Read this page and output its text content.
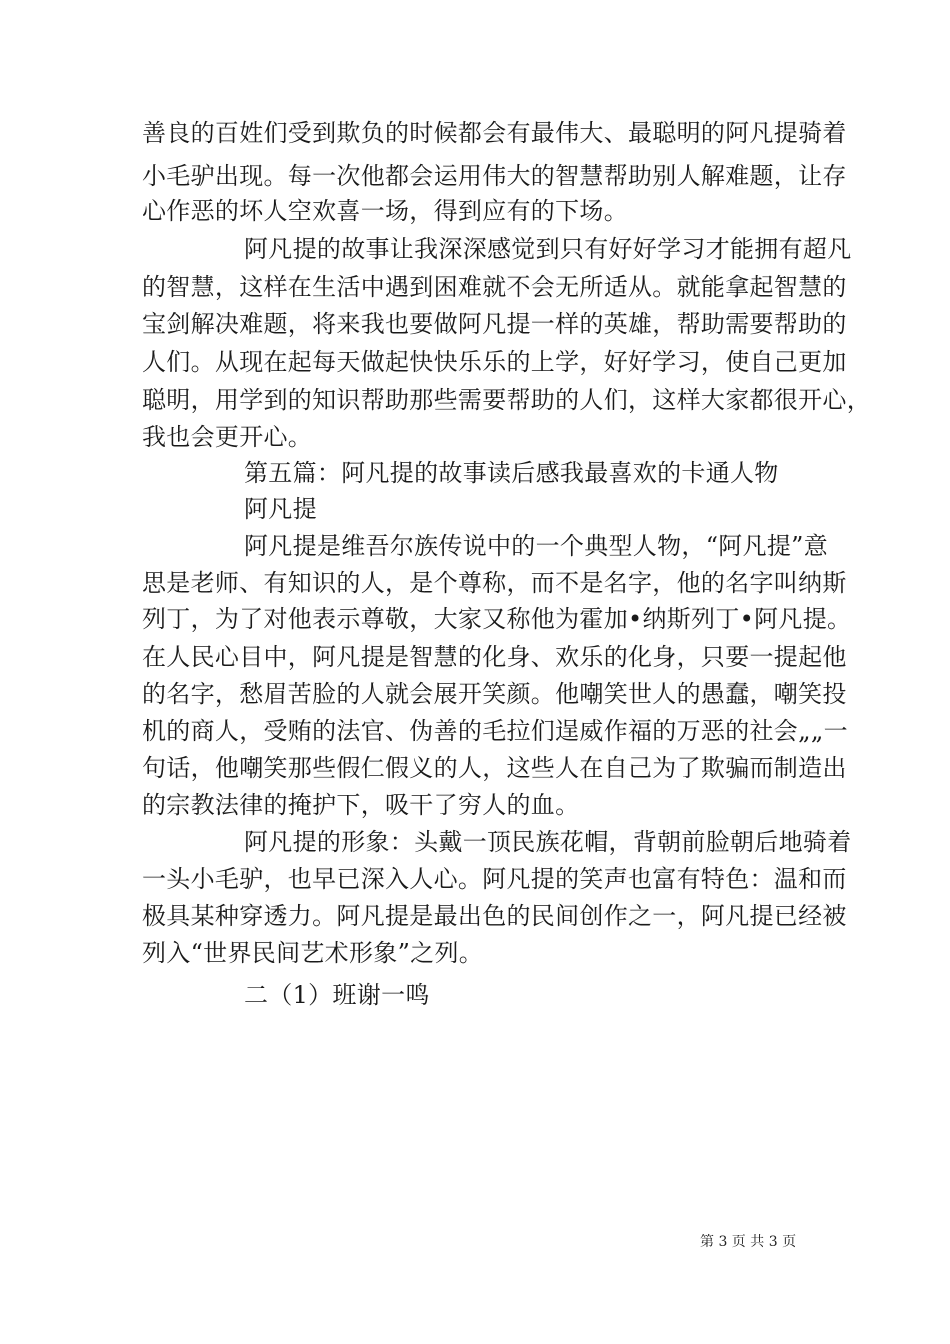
善良的百姓们受到欺负的时候都会有最伟大、最聪明的阿凡提骑着
小毛驴出现。每一次他都会运用伟大的智慧帮助别人解难题，让存
心作恶的坏人空欢喜一场，得到应有的下场。
阿凡提的故事让我深深感觉到只有好好学习才能拥有超凡
的智慧，这样在生活中遇到困难就不会无所适从。就能拿起智慧的
宝剑解决难题，将来我也要做阿凡提一样的英雄，帮助需要帮助的
人们。从现在起每天做起快快乐乐的上学，好好学习，使自己更加
聪明，用学到的知识帮助那些需要帮助的人们，这样大家都很开心，
我也会更开心。
第五篇：阿凡提的故事读后感我最喜欢的卡通人物
阿凡提
阿凡提是维吾尔族传说中的一个典型人物，“阿凡提”意
思是老师、有知识的人，是个尊称，而不是名字，他的名字叫纳斯
列丁，为了对他表示尊敬，大家又称他为霍加•纳斯列丁•阿凡提。
在人民心目中，阿凡提是智慧的化身、欢乐的化身，只要一提起他
的名字，愁眉苦脸的人就会展开笑颜。他嘲笑世人的愚蠢，嘲笑投
机的商人，受贿的法官、伪善的毛拉们逞威作福的万恶的社会„„一
句话，他嘲笑那些假仁假义的人，这些人在自己为了欺骗而制造出
的宗教法律的掩护下，吸干了穷人的血。
阿凡提的形象：头戴一顶民族花帽，背朝前脸朝后地骑着
一头小毛驴，也早已深入人心。阿凡提的笑声也富有特色：温和而
极具某种穿透力。阿凡提是最出色的民间创作之一，阿凡提已经被
列入“世界民间艺术形象”之列。
二（1）班谢一鸣
第 3 页 共 3 页
